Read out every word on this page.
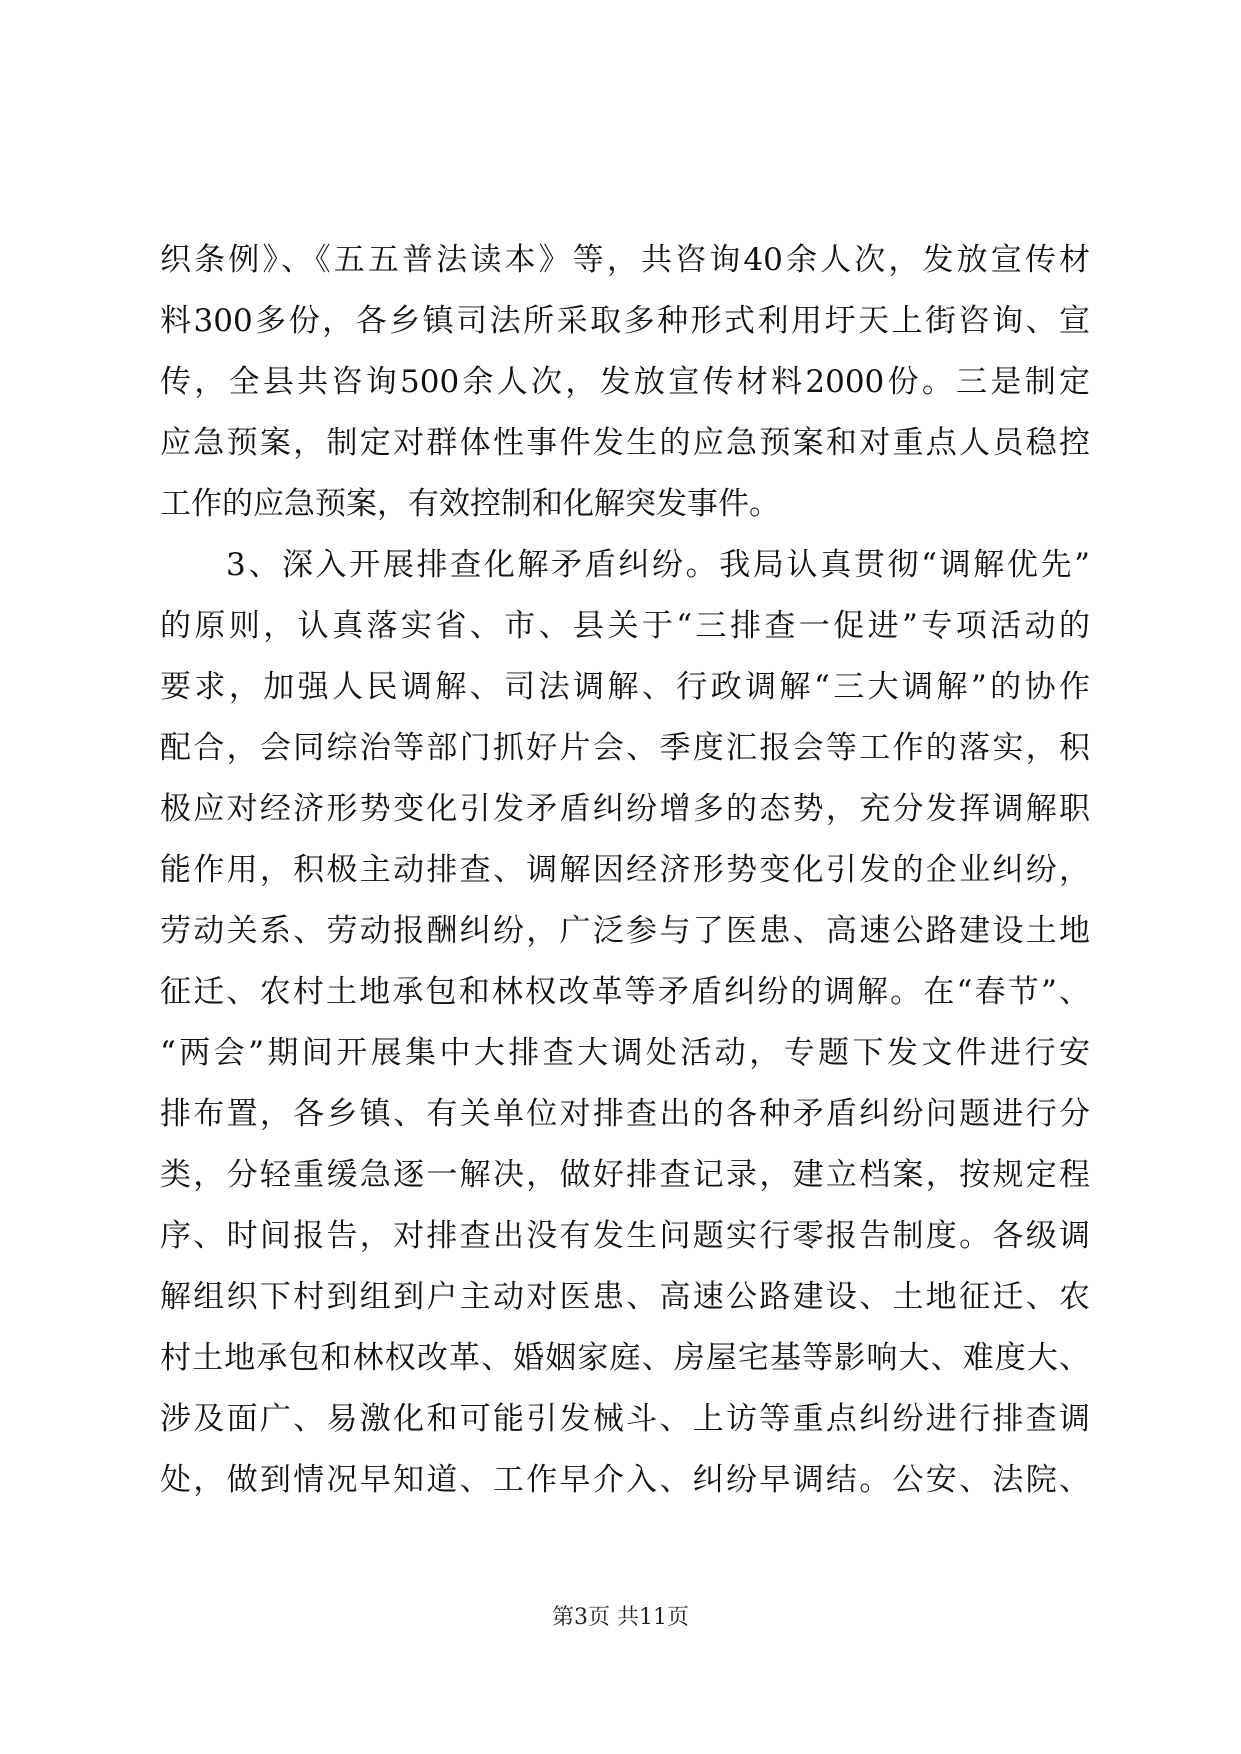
织条例》、《五五普法读本》等，共咨询40余人次，发放宣传材
料300多份，各乡镇司法所采取多种形式利用圩天上街咨询、宣
传，全县共咨询500余人次，发放宣传材料2000份。三是制定
应急预案，制定对群体性事件发生的应急预案和对重点人员稳控
工作的应急预案，有效控制和化解突发事件。
3、深入开展排查化解矛盾纠纷。我局认真贯彻“调解优先”
的原则，认真落实省、市、县关于“三排查一促进”专项活动的
要求，加强人民调解、司法调解、行政调解“三大调解”的协作
配合，会同综治等部门抓好片会、季度汇报会等工作的落实，积
极应对经济形势变化引发矛盾纠纷增多的态势，充分发挥调解职
能作用，积极主动排查、调解因经济形势变化引发的企业纠纷，
劳动关系、劳动报酬纠纷，广泛参与了医患、高速公路建设土地
征迁、农村土地承包和林权改革等矛盾纠纷的调解。在“春节”、
“两会”期间开展集中大排查大调处活动，专题下发文件进行安
排布置，各乡镇、有关单位对排查出的各种矛盾纠纷问题进行分
类，分轻重缓急逐一解决，做好排查记录，建立档案，按规定程
序、时间报告，对排查出没有发生问题实行零报告制度。各级调
解组织下村到组到户主动对医患、高速公路建设、土地征迁、农
村土地承包和林权改革、婚姻家庭、房屋宅基等影响大、难度大、
涉及面广、易激化和可能引发械斗、上访等重点纠纷进行排查调
处，做到情况早知道、工作早介入、纠纷早调结。公安、法院、
第3页 共11页
